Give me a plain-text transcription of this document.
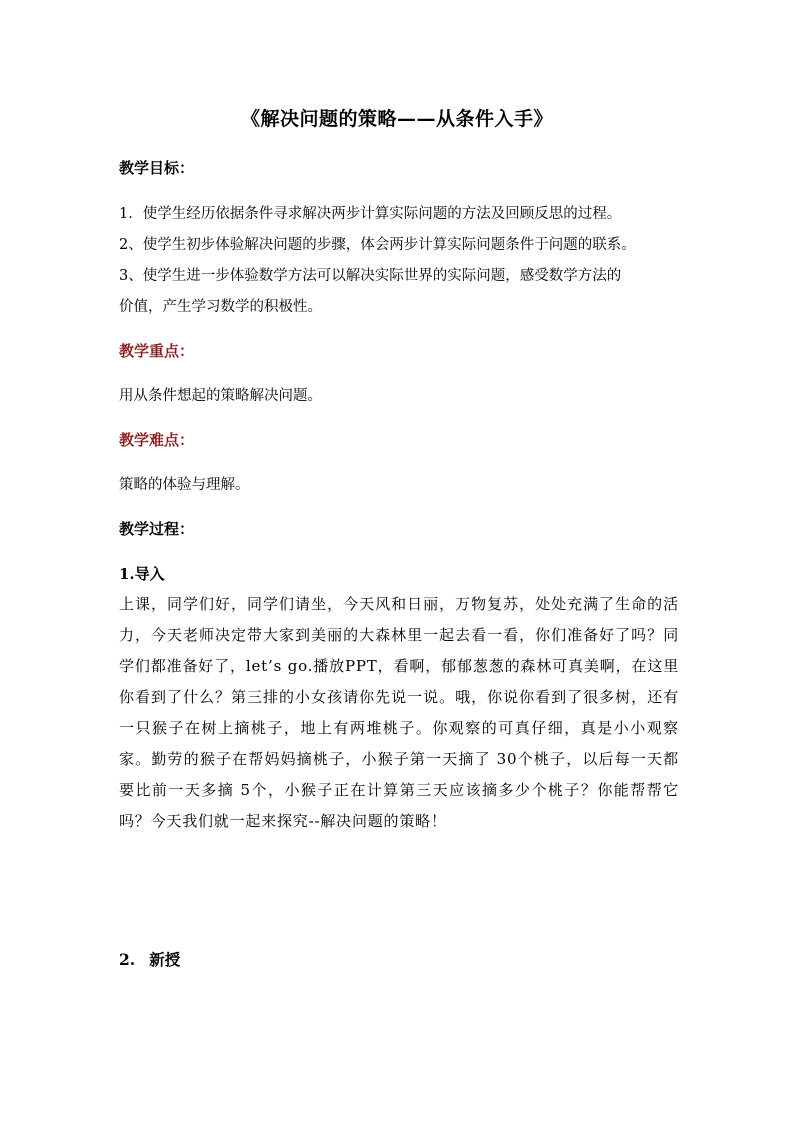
《解决问题的策略——从条件入手》
教学目标：
1．使学生经历依据条件寻求解决两步计算实际问题的方法及回顾反思的过程。
2、使学生初步体验解决问题的步骤，体会两步计算实际问题条件于问题的联系。
3、使学生进一步体验数学方法可以解决实际世界的实际问题，感受数学方法的
价值，产生学习数学的积极性。
教学重点：
用从条件想起的策略解决问题。
教学难点：
策略的体验与理解。
教学过程：
1.导入
上课，同学们好，同学们请坐，今天风和日丽，万物复苏，处处充满了生命的活力，今天老师决定带大家到美丽的大森林里一起去看一看，你们准备好了吗？同学们都准备好了，let’s go.播放PPT，看啊，郁郁葱葱的森林可真美啊，在这里你看到了什么？第三排的小女孩请你先说一说。哦，你说你看到了很多树，还有一只猴子在树上摘桃子，地上有两堆桃子。你观察的可真仔细，真是小小观察家。勤劳的猴子在帮妈妈摘桃子，小猴子第一天摘了 30个桃子，以后每一天都要比前一天多摘 5个，小猴子正在计算第三天应该摘多少个桃子？你能帮帮它吗？今天我们就一起来探究--解决问题的策略！
2. 新授
